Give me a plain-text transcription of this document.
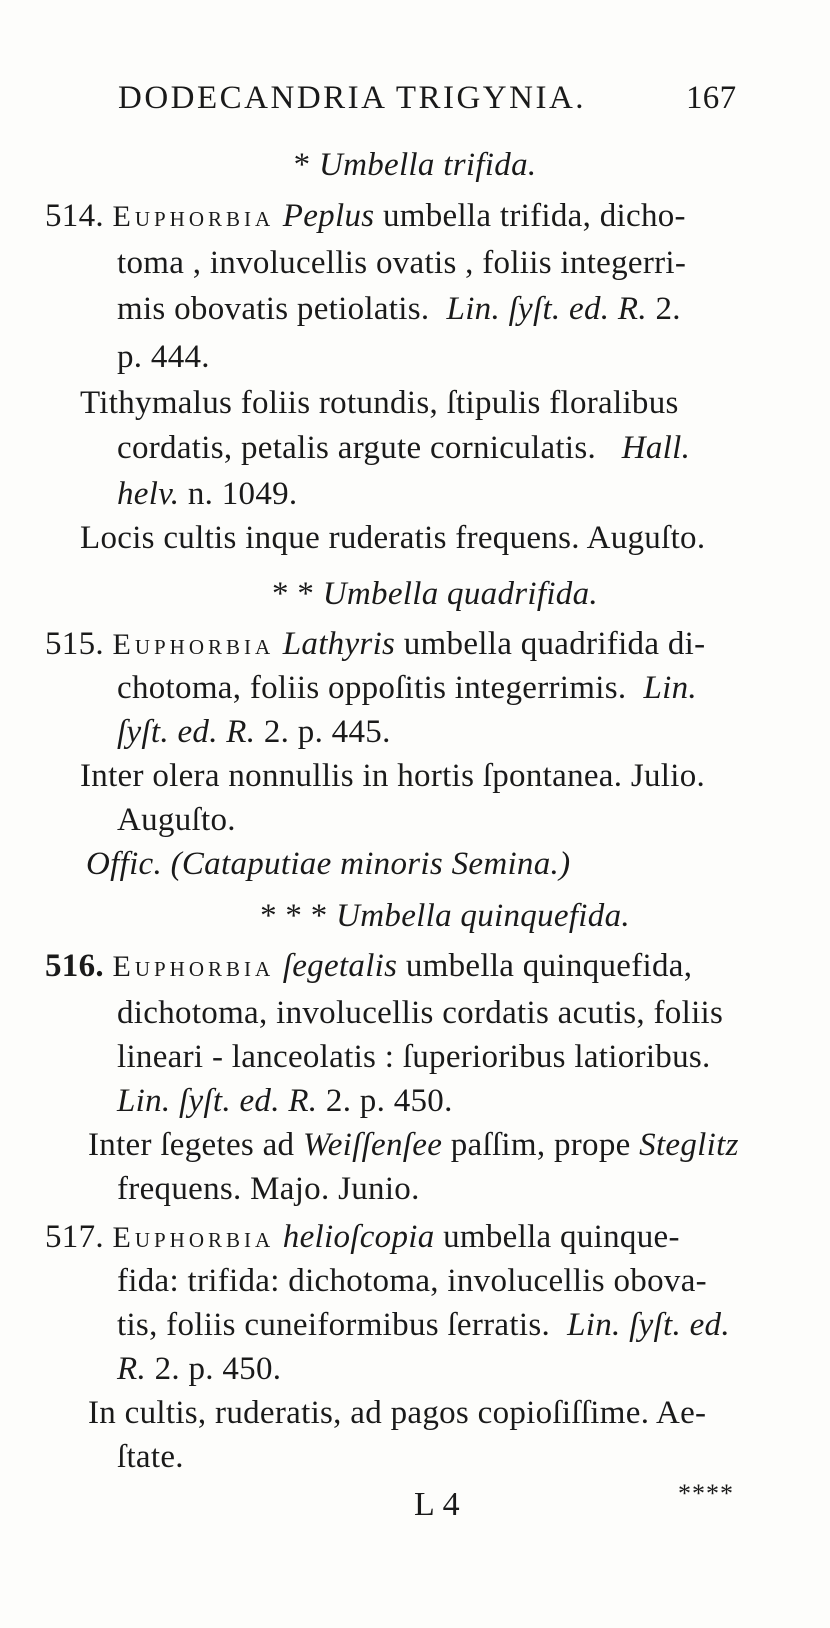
DODECANDRIA TRIGYNIA.	167
* Umbella trifida.
514. Euphorbia Peplus umbella trifida, dicho-
toma , involucellis ovatis , foliis integerri-
mis obovatis petiolatis. Lin. ſyſt. ed. R. 2.
p. 444.
Tithymalus foliis rotundis, ſtipulis floralibus
cordatis, petalis argute corniculatis. Hall.
helv. n. 1049.
Locis cultis inque ruderatis frequens. Auguſto.
* * Umbella quadrifida.
515. Euphorbia Lathyris umbella quadrifida di-
chotoma, foliis oppoſitis integerrimis. Lin.
ſyſt. ed. R. 2. p. 445.
Inter olera nonnullis in hortis ſpontanea. Julio.
Auguſto.
Offic. (Cataputiae minoris Semina.)
* * * Umbella quinquefida.
516. Euphorbia ſegetalis umbella quinquefida,
dichotoma, involucellis cordatis acutis, foliis
lineari - lanceolatis : ſuperioribus latioribus.
Lin. ſyſt. ed. R. 2. p. 450.
Inter ſegetes ad Weiſſenſee paſſim, prope Steglitz
frequens. Majo. Junio.
517. Euphorbia helioſcopia umbella quinque-
fida: trifida: dichotoma, involucellis obova-
tis, foliis cuneiformibus ſerratis. Lin. ſyſt. ed.
R. 2. p. 450.
In cultis, ruderatis, ad pagos copioſiſſime. Ae-
ſtate.
L 4	****
